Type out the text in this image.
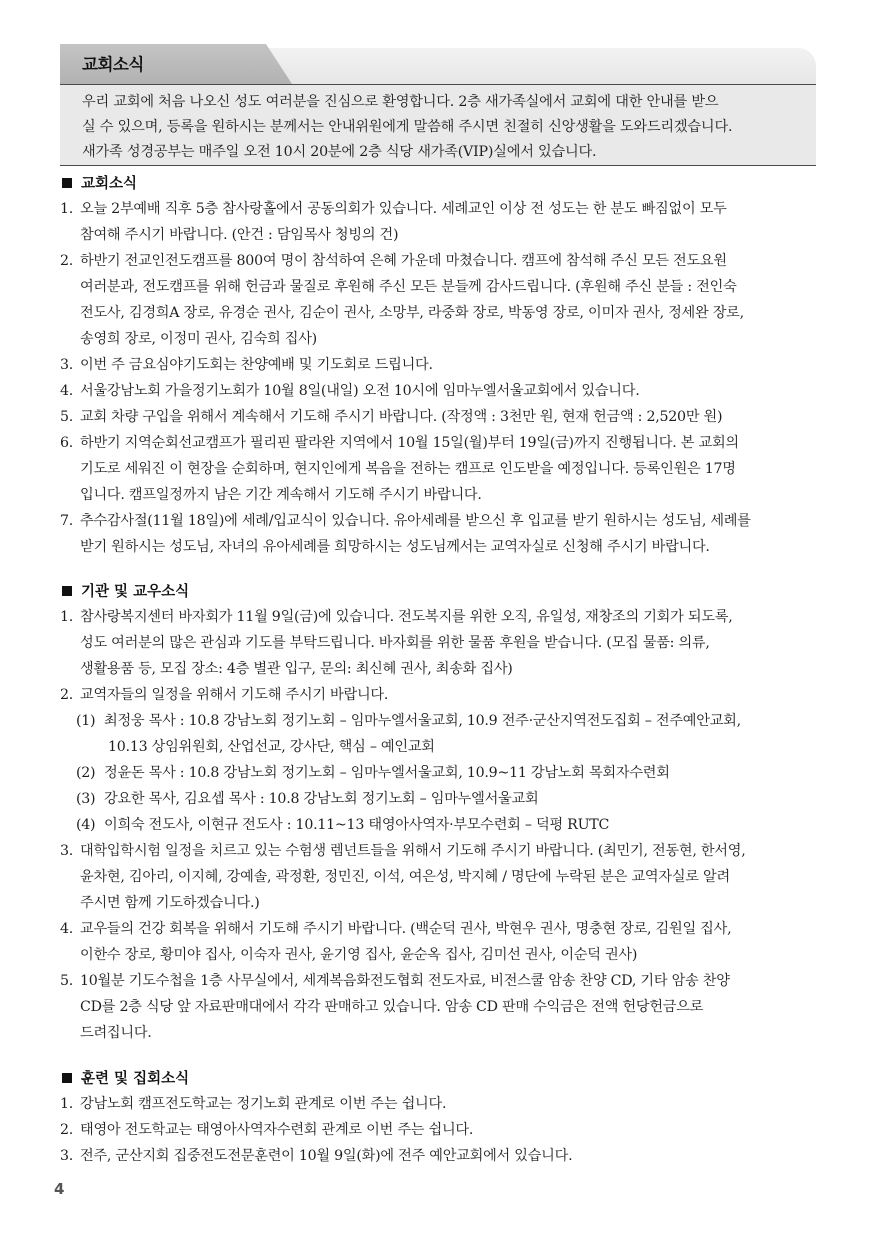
교회소식
우리 교회에 처음 나오신 성도 여러분을 진심으로 환영합니다. 2층 새가족실에서 교회에 대한 안내를 받으
실 수 있으며, 등록을 원하시는 분께서는 안내위원에게 말씀해 주시면 친절히 신앙생활을 도와드리겠습니다.
새가족 성경공부는 매주일 오전 10시 20분에 2층 식당 새가족(VIP)실에서 있습니다.
교회소식
1. 오늘 2부예배 직후 5층 참사랑홀에서 공동의회가 있습니다. 세례교인 이상 전 성도는 한 분도 빠짐없이 모두
참여해 주시기 바랍니다. (안건 : 담임목사 청빙의 건)
2. 하반기 전교인전도캠프를 800여 명이 참석하여 은혜 가운데 마쳤습니다. 캠프에 참석해 주신 모든 전도요원
여러분과, 전도캠프를 위해 헌금과 물질로 후원해 주신 모든 분들께 감사드립니다. (후원해 주신 분들 : 전인숙
전도사, 김경희A 장로, 유경순 권사, 김순이 권사, 소망부, 라중화 장로, 박동영 장로, 이미자 권사, 정세완 장로,
송영희 장로, 이정미 권사, 김숙희 집사)
3. 이번 주 금요심야기도회는 찬양예배 및 기도회로 드립니다.
4. 서울강남노회 가을정기노회가 10월 8일(내일) 오전 10시에 임마누엘서울교회에서 있습니다.
5. 교회 차량 구입을 위해서 계속해서 기도해 주시기 바랍니다. (작정액 : 3천만 원, 현재 헌금액 : 2,520만 원)
6. 하반기 지역순회선교캠프가 필리핀 팔라완 지역에서 10월 15일(월)부터 19일(금)까지 진행됩니다. 본 교회의
기도로 세워진 이 현장을 순회하며, 현지인에게 복음을 전하는 캠프로 인도받을 예정입니다. 등록인원은 17명
입니다. 캠프일정까지 남은 기간 계속해서 기도해 주시기 바랍니다.
7. 추수감사절(11월 18일)에 세례/입교식이 있습니다. 유아세례를 받으신 후 입교를 받기 원하시는 성도님, 세례를
받기 원하시는 성도님, 자녀의 유아세례를 희망하시는 성도님께서는 교역자실로 신청해 주시기 바랍니다.
기관 및 교우소식
1. 참사랑복지센터 바자회가 11월 9일(금)에 있습니다. 전도복지를 위한 오직, 유일성, 재창조의 기회가 되도록,
성도 여러분의 많은 관심과 기도를 부탁드립니다. 바자회를 위한 물품 후원을 받습니다. (모집 물품: 의류,
생활용품 등, 모집 장소: 4층 별관 입구, 문의: 최신혜 권사, 최송화 집사)
2. 교역자들의 일정을 위해서 기도해 주시기 바랍니다.
(1) 최정웅 목사 : 10.8 강남노회 정기노회 – 임마누엘서울교회, 10.9 전주·군산지역전도집회 – 전주예안교회,
10.13 상임위원회, 산업선교, 강사단, 핵심 – 예인교회
(2) 정윤돈 목사 : 10.8 강남노회 정기노회 – 임마누엘서울교회, 10.9~11 강남노회 목회자수련회
(3) 강요한 목사, 김요셉 목사 : 10.8 강남노회 정기노회 – 임마누엘서울교회
(4) 이희숙 전도사, 이현규 전도사 : 10.11~13 태영아사역자·부모수련회 – 덕평 RUTC
3. 대학입학시험 일정을 치르고 있는 수험생 렘넌트들을 위해서 기도해 주시기 바랍니다. (최민기, 전동현, 한서영,
윤차현, 김아리, 이지혜, 강예솔, 곽정환, 정민진, 이석, 여은성, 박지혜 / 명단에 누락된 분은 교역자실로 알려
주시면 함께 기도하겠습니다.)
4. 교우들의 건강 회복을 위해서 기도해 주시기 바랍니다. (백순덕 권사, 박현우 권사, 명충현 장로, 김원일 집사,
이한수 장로, 황미야 집사, 이숙자 권사, 윤기영 집사, 윤순옥 집사, 김미선 권사, 이순덕 권사)
5. 10월분 기도수첩을 1층 사무실에서, 세계복음화전도협회 전도자료, 비전스쿨 암송 찬양 CD, 기타 암송 찬양
CD를 2층 식당 앞 자료판매대에서 각각 판매하고 있습니다. 암송 CD 판매 수익금은 전액 헌당헌금으로
드려집니다.
훈련 및 집회소식
1. 강남노회 캠프전도학교는 정기노회 관계로 이번 주는 쉽니다.
2. 태영아 전도학교는 태영아사역자수련회 관계로 이번 주는 쉽니다.
3. 전주, 군산지회 집중전도전문훈련이 10월 9일(화)에 전주 예안교회에서 있습니다.
4
